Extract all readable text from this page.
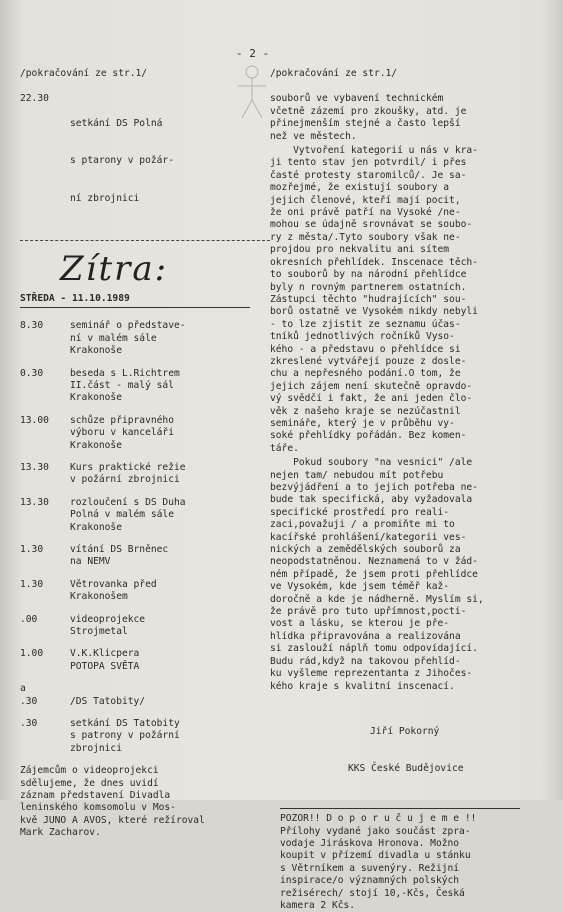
- 2 -
/pokračování ze str.1/
22.30

setkání DS Polná

s ptarony v požár-

ní zbrojnici

Zítra:
STŘEDA - 11.10.1989
8.30	seminář o představe-
ní v malém sále
Krakonoše
0.30	beseda s L.Richtrem
II.část - malý sál
Krakonoše
13.00	schůze připravného
výboru v kanceláři
Krakonoše
13.30	Kurs praktické režie
v požární zbrojnici
13.30	rozloučení s DS Duha
Polná v malém sále
Krakonoše
1.30	vítání DS Brněnec
na NEMV
1.30	Větrovanka před
Krakonošem
.00	videoprojekce
Strojmetal
1.00	V.K.Klicpera
POTOPA SVĚTA
a
.30	/DS Tatobity/
.30	setkání DS Tatobity
s patrony v požární
zbrojnici
Zájemcům o videoprojekci
sdělujeme, že dnes uvidí
záznam představení Divadla
leninského komsomolu v Mos-
kvě JUNO A AVOS, které režíroval
Mark Zacharov.
/pokračování ze str.1/
souborů ve vybavení technickém
včetně zázemí pro zkoušky, atd. je
přinejmenším stejné a často lepší
než ve městech.
Vytvoření kategorií u nás v kra-
ji tento stav jen potvrdil/ i přes
časté protesty staromilců/. Je sa-
mozřejmé, že existují soubory a
jejich členové, kteří mají pocit,
že oni právě patří na Vysoké /ne-
mohou se údajně srovnávat se soubo-
ry z města/.Tyto soubory však ne-
projdou pro nekvalitu ani sítem
okresních přehlídek. Inscenace těch-
to souborů by na národní přehlídce
byly n rovným partnerem ostatních.
Zástupci těchto "hudrajících" sou-
borů ostatně ve Vysokém nikdy nebyli
- to lze zjistit ze seznamu účas-
tníků jednotlivých ročníků Vyso-
kého - a představu o přehlídce si
zkreslené vytvářejí pouze z dosle-
chu a nepřesného podání.O tom, že
jejich zájem není skutečně opravdo-
vý svědčí i fakt, že ani jeden člo-
věk z našeho kraje se nezúčastnil
semináře, který je v průběhu vy-
soké přehlídky pořádán. Bez komen-
táře.
Pokud soubory "na vesnici" /ale
nejen tam/ nebudou mít potřebu
bezvýjádření a to jejich potřeba ne-
bude tak specifická, aby vyžadovala
specifické prostředí pro reali-
zaci,považuji / a promiňte mi to
kacířské prohlášení/kategorii ves-
nických a zemědělských souborů za
neopodstatněnou. Neznamená to v žád-
ném případě, že jsem proti přehlídce
ve Vysokém, kde jsem téměř kaž-
doročně a kde je nádherně. Myslím si,
že právě pro tuto upřímnost,pocti-
vost a lásku, se kterou je pře-
hlídka připravována a realizována
si zaslouží náplň tomu odpovídající.
Budu rád,když na takovou přehlíd-
ku vyšleme reprezentanta z Jihočes-
kého kraje s kvalitní inscenací.

Jiří Pokorný

KKS České Budějovice

POZOR!! D o p o r u č u j e m e !!
Přílohy vydané jako součást zpra-
vodaje Jiráskova Hronova. Možno
koupit v přízemí divadla u stánku
s Větrníkem a suvenýry. Režijní
inspirace/o významných polských
režisérech/ stojí 10,-Kčs, Česká
kamera 2 Kčs.
